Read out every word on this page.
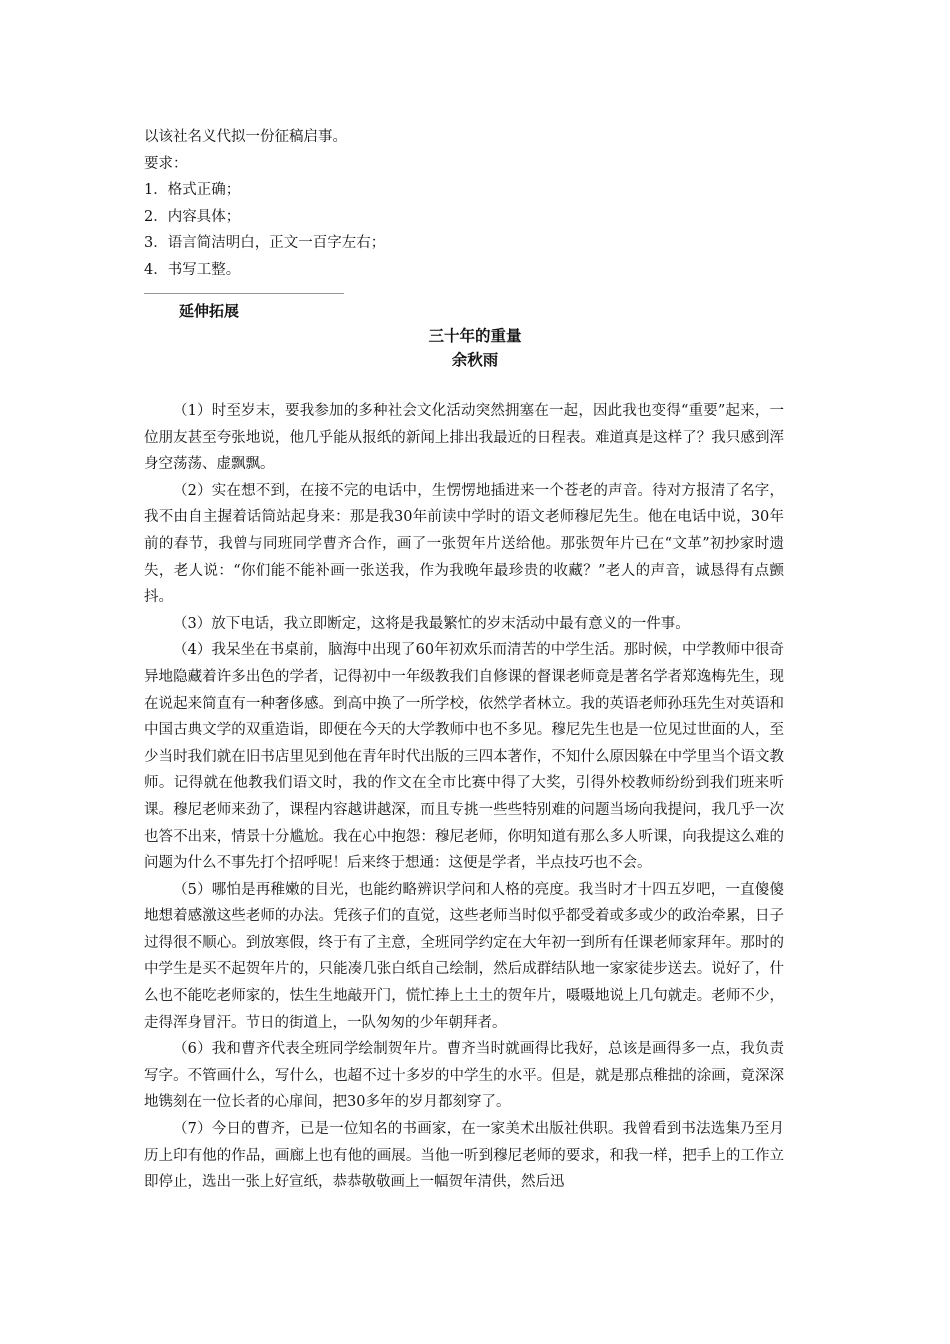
以该社名义代拟一份征稿启事。

要求：

1．格式正确；

2．内容具体；

3．语言简洁明白，正文一百字左右；

4．书写工整。

延伸拓展
三十年的重量
余秋雨

（1）时至岁末，要我参加的多种社会文化活动突然拥塞在一起，因此我也变得“重要”起来，一位朋友甚至夸张地说，他几乎能从报纸的新闻上排出我最近的日程表。难道真是这样了？我只感到浑身空荡荡、虚飘飘。

（2）实在想不到，在接不完的电话中，生愣愣地插进来一个苍老的声音。待对方报清了名字，我不由自主握着话筒站起身来：那是我30年前读中学时的语文老师穆尼先生。他在电话中说，30年前的春节，我曾与同班同学曹齐合作，画了一张贺年片送给他。那张贺年片已在“文革”初抄家时遗失，老人说：“你们能不能补画一张送我，作为我晚年最珍贵的收藏？”老人的声音，诚恳得有点颤抖。

（3）放下电话，我立即断定，这将是我最繁忙的岁末活动中最有意义的一件事。

（4）我呆坐在书桌前，脑海中出现了60年初欢乐而清苦的中学生活。那时候，中学教师中很奇异地隐藏着许多出色的学者，记得初中一年级教我们自修课的督课老师竟是著名学者郑逸梅先生，现在说起来简直有一种奢侈感。到高中换了一所学校，依然学者林立。我的英语老师孙珏先生对英语和中国古典文学的双重造诣，即便在今天的大学教师中也不多见。穆尼先生也是一位见过世面的人，至少当时我们就在旧书店里见到他在青年时代出版的三四本著作，不知什么原因躲在中学里当个语文教师。记得就在他教我们语文时，我的作文在全市比赛中得了大奖，引得外校教师纷纷到我们班来听课。穆尼老师来劲了，课程内容越讲越深，而且专挑一些些特别难的问题当场向我提问，我几乎一次也答不出来，情景十分尴尬。我在心中抱怨：穆尼老师，你明知道有那么多人听课，向我提这么难的问题为什么不事先打个招呼呢！后来终于想通：这便是学者，半点技巧也不会。

（5）哪怕是再稚嫩的目光，也能约略辨识学问和人格的亮度。我当时才十四五岁吧，一直傻傻地想着感激这些老师的办法。凭孩子们的直觉，这些老师当时似乎都受着或多或少的政治牵累，日子过得很不顺心。到放寒假，终于有了主意，全班同学约定在大年初一到所有任课老师家拜年。那时的中学生是买不起贺年片的，只能凑几张白纸自己绘制，然后成群结队地一家家徒步送去。说好了，什么也不能吃老师家的，怯生生地敲开门，慌忙捧上土土的贺年片，嗫嗫地说上几句就走。老师不少，走得浑身冒汗。节日的街道上，一队匆匆的少年朝拜者。

（6）我和曹齐代表全班同学绘制贺年片。曹齐当时就画得比我好，总该是画得多一点，我负责写字。不管画什么，写什么，也超不过十多岁的中学生的水平。但是，就是那点稚拙的涂画，竟深深地镌刻在一位长者的心扉间，把30多年的岁月都刻穿了。

（7）今日的曹齐，已是一位知名的书画家，在一家美术出版社供职。我曾看到书法选集乃至月历上印有他的作品，画廊上也有他的画展。当他一听到穆尼老师的要求，和我一样，把手上的工作立即停止，选出一张上好宣纸，恭恭敬敬画上一幅贺年清供，然后迅
